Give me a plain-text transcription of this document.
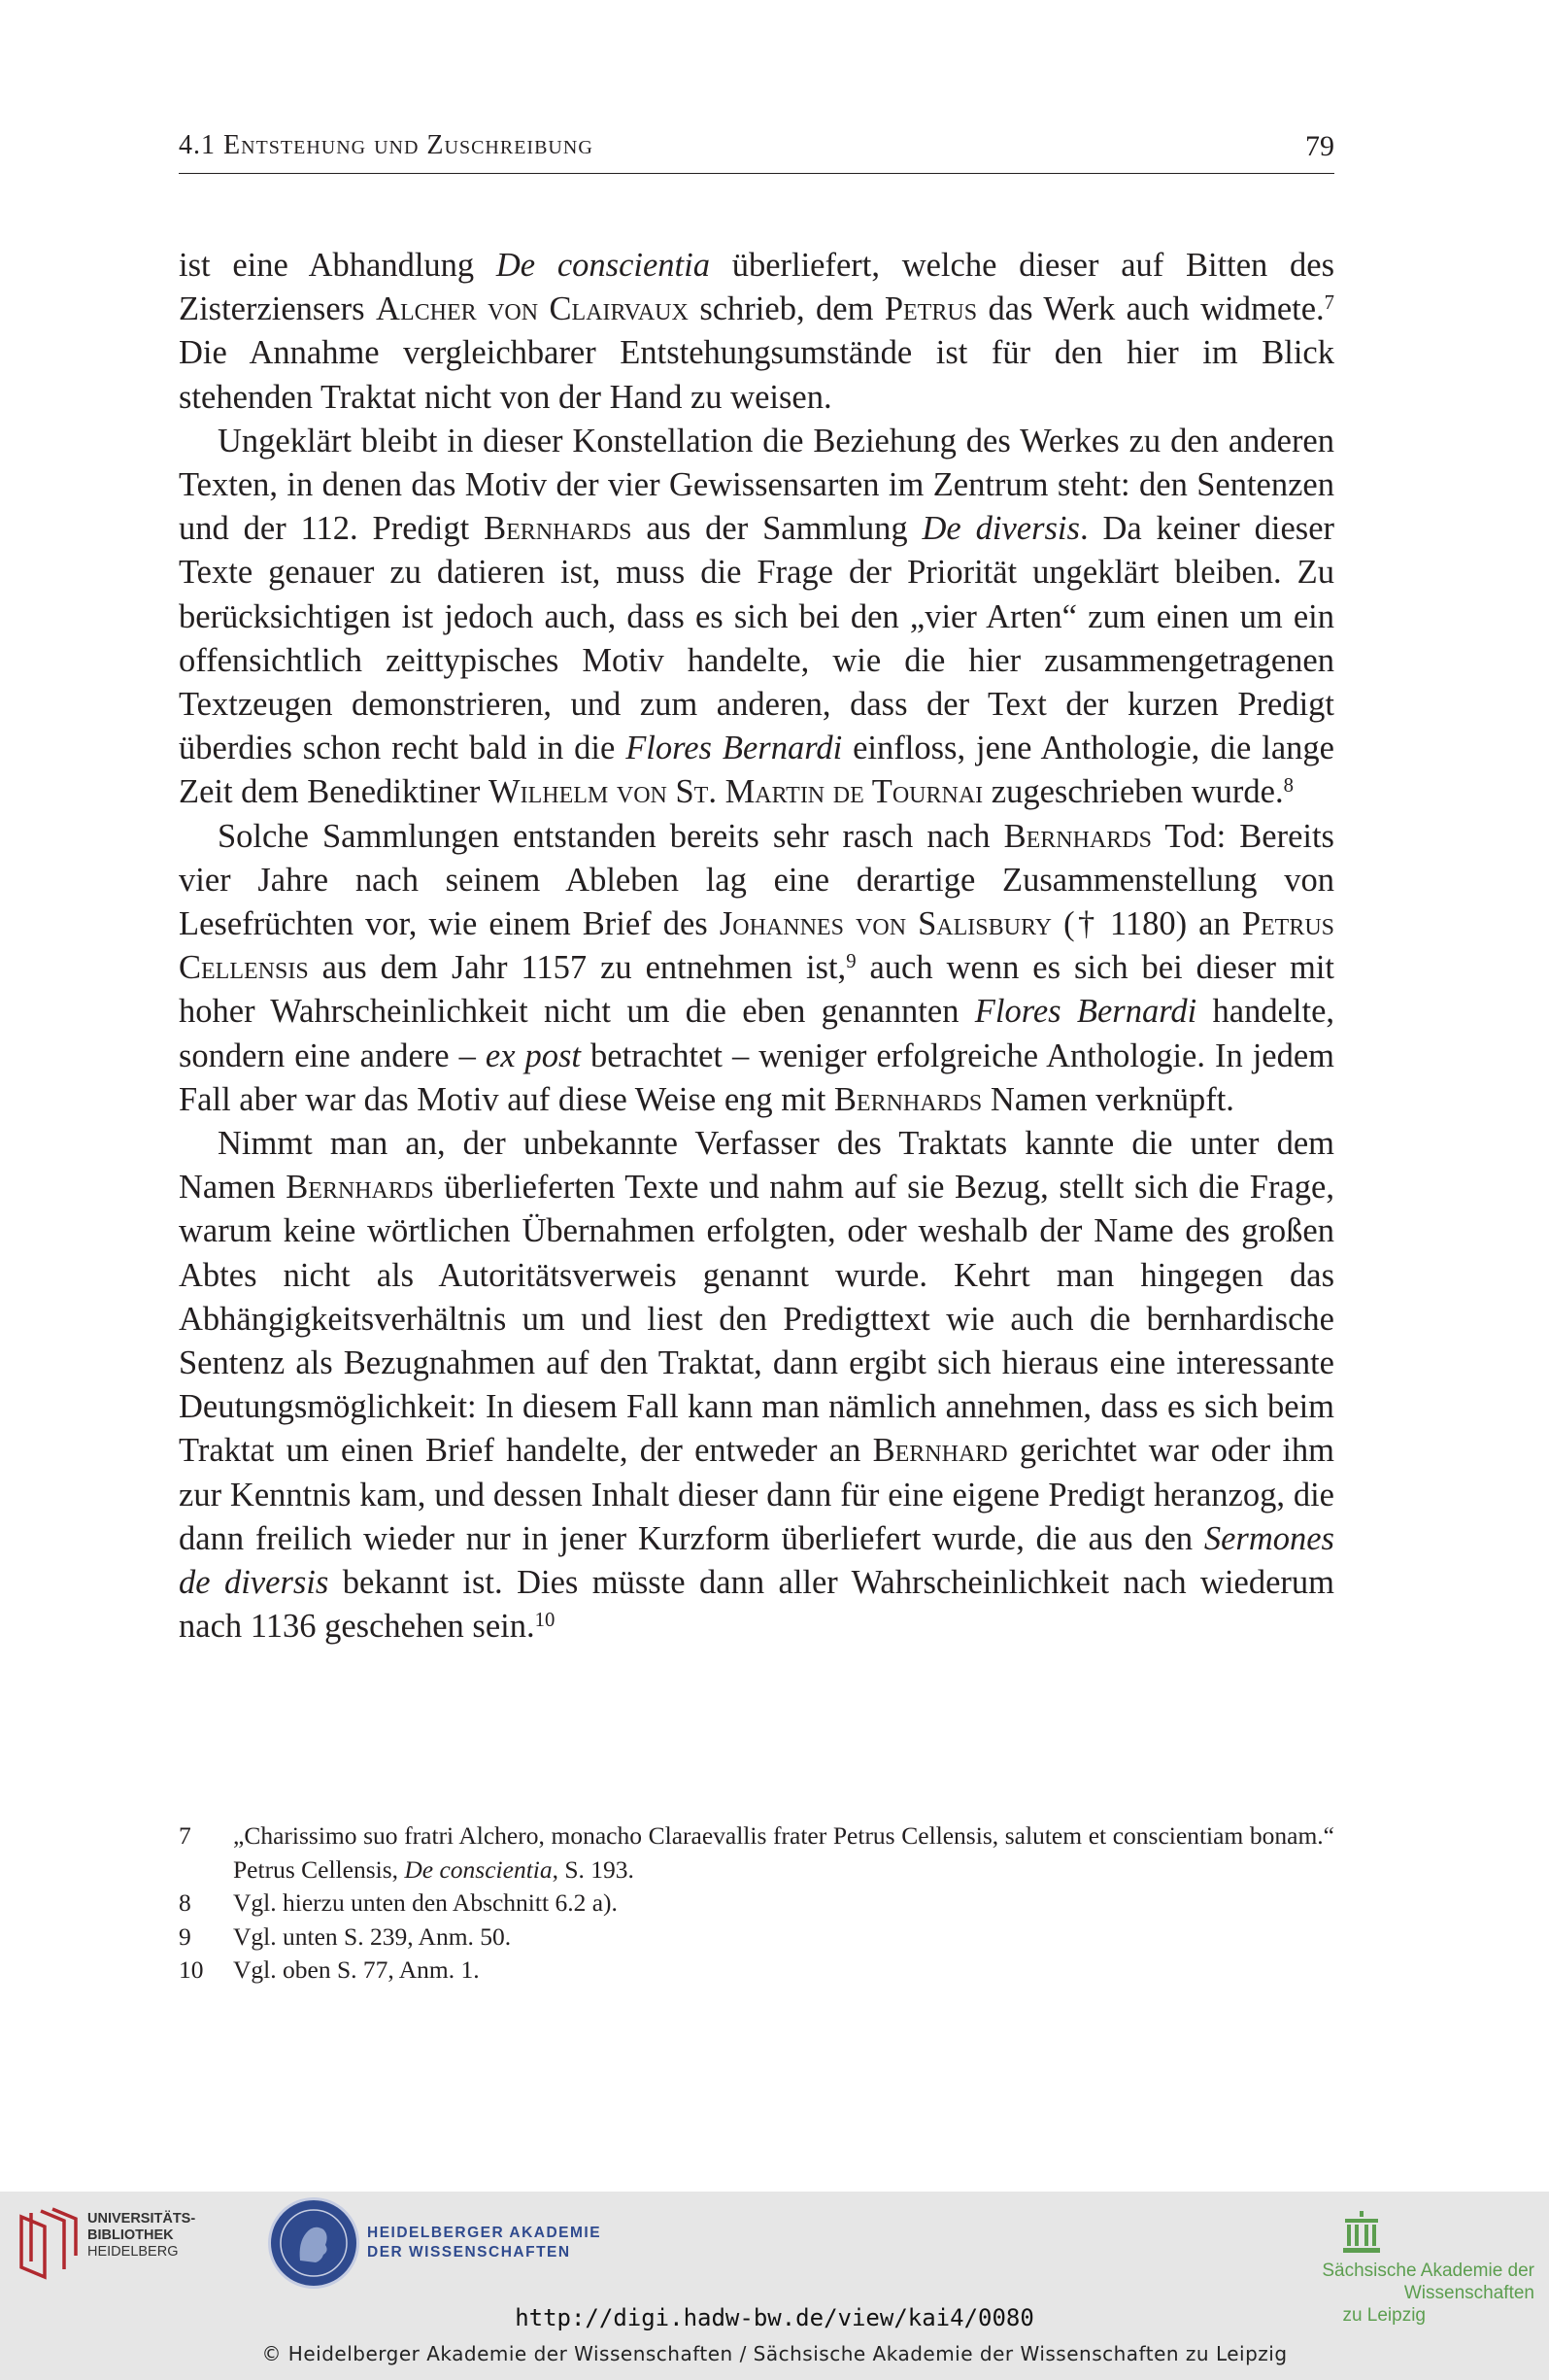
4.1 Entstehung und Zuschreibung	79

ist eine Abhandlung De conscientia überliefert, welche dieser auf Bitten des Zisterziensers Alcher von Clairvaux schrieb, dem Petrus das Werk auch widmete.$^7$ Die Annahme vergleichbarer Entstehungsumstände ist für den hier im Blick stehenden Traktat nicht von der Hand zu weisen.

Ungeklärt bleibt in dieser Konstellation die Beziehung des Werkes zu den anderen Texten, in denen das Motiv der vier Gewissensarten im Zentrum steht: den Sentenzen und der 112. Predigt Bernhards aus der Sammlung De diversis. Da keiner dieser Texte genauer zu datieren ist, muss die Frage der Priorität ungeklärt bleiben. Zu berücksichtigen ist jedoch auch, dass es sich bei den „vier Arten“ zum einen um ein offensichtlich zeittypisches Motiv handelte, wie die hier zusammengetragenen Textzeugen demonstrieren, und zum anderen, dass der Text der kurzen Predigt überdies schon recht bald in die Flores Bernardi einfloss, jene Anthologie, die lange Zeit dem Benediktiner Wilhelm von St. Martin de Tournai zugeschrieben wurde.$^8$

Solche Sammlungen entstanden bereits sehr rasch nach Bernhards Tod: Bereits vier Jahre nach seinem Ableben lag eine derartige Zusammenstellung von Lesefrüchten vor, wie einem Brief des Johannes von Salisbury († 1180) an Petrus Cellensis aus dem Jahr 1157 zu entnehmen ist,$^9$ auch wenn es sich bei dieser mit hoher Wahrscheinlichkeit nicht um die eben genannten Flores Bernardi handelte, sondern eine andere – ex post betrachtet – weniger erfolgreiche Anthologie. In jedem Fall aber war das Motiv auf diese Weise eng mit Bernhards Namen verknüpft.

Nimmt man an, der unbekannte Verfasser des Traktats kannte die unter dem Namen Bernhards überlieferten Texte und nahm auf sie Bezug, stellt sich die Frage, warum keine wörtlichen Übernahmen erfolgten, oder weshalb der Name des großen Abtes nicht als Autoritätsverweis genannt wurde. Kehrt man hingegen das Abhängigkeitsverhältnis um und liest den Predigttext wie auch die bernhardische Sentenz als Bezugnahmen auf den Traktat, dann ergibt sich hieraus eine interessante Deutungsmöglichkeit: In diesem Fall kann man nämlich annehmen, dass es sich beim Traktat um einen Brief handelte, der entweder an Bernhard gerichtet war oder ihm zur Kenntnis kam, und dessen Inhalt dieser dann für eine eigene Predigt heranzog, die dann freilich wieder nur in jener Kurzform überliefert wurde, die aus den Sermones de diversis bekannt ist. Dies müsste dann aller Wahrscheinlichkeit nach wiederum nach 1136 geschehen sein.$^{10}$

7 „Charissimo suo fratri Alchero, monacho Claraevallis frater Petrus Cellensis, salutem et conscientiam bonam.“ Petrus Cellensis, De conscientia, S. 193.
8 Vgl. hierzu unten den Abschnitt 6.2 a).
9 Vgl. unten S. 239, Anm. 50.
10 Vgl. oben S. 77, Anm. 1.
UNIVERSITÄTS-
BIBLIOTHEK
HEIDELBERG
HEIDELBERGER AKADEMIE
DER WISSENSCHAFTEN
Sächsische Akademie der Wissenschaften
zu Leipzig
http://digi.hadw-bw.de/view/kai4/0080
© Heidelberger Akademie der Wissenschaften / Sächsische Akademie der Wissenschaften zu Leipzig
